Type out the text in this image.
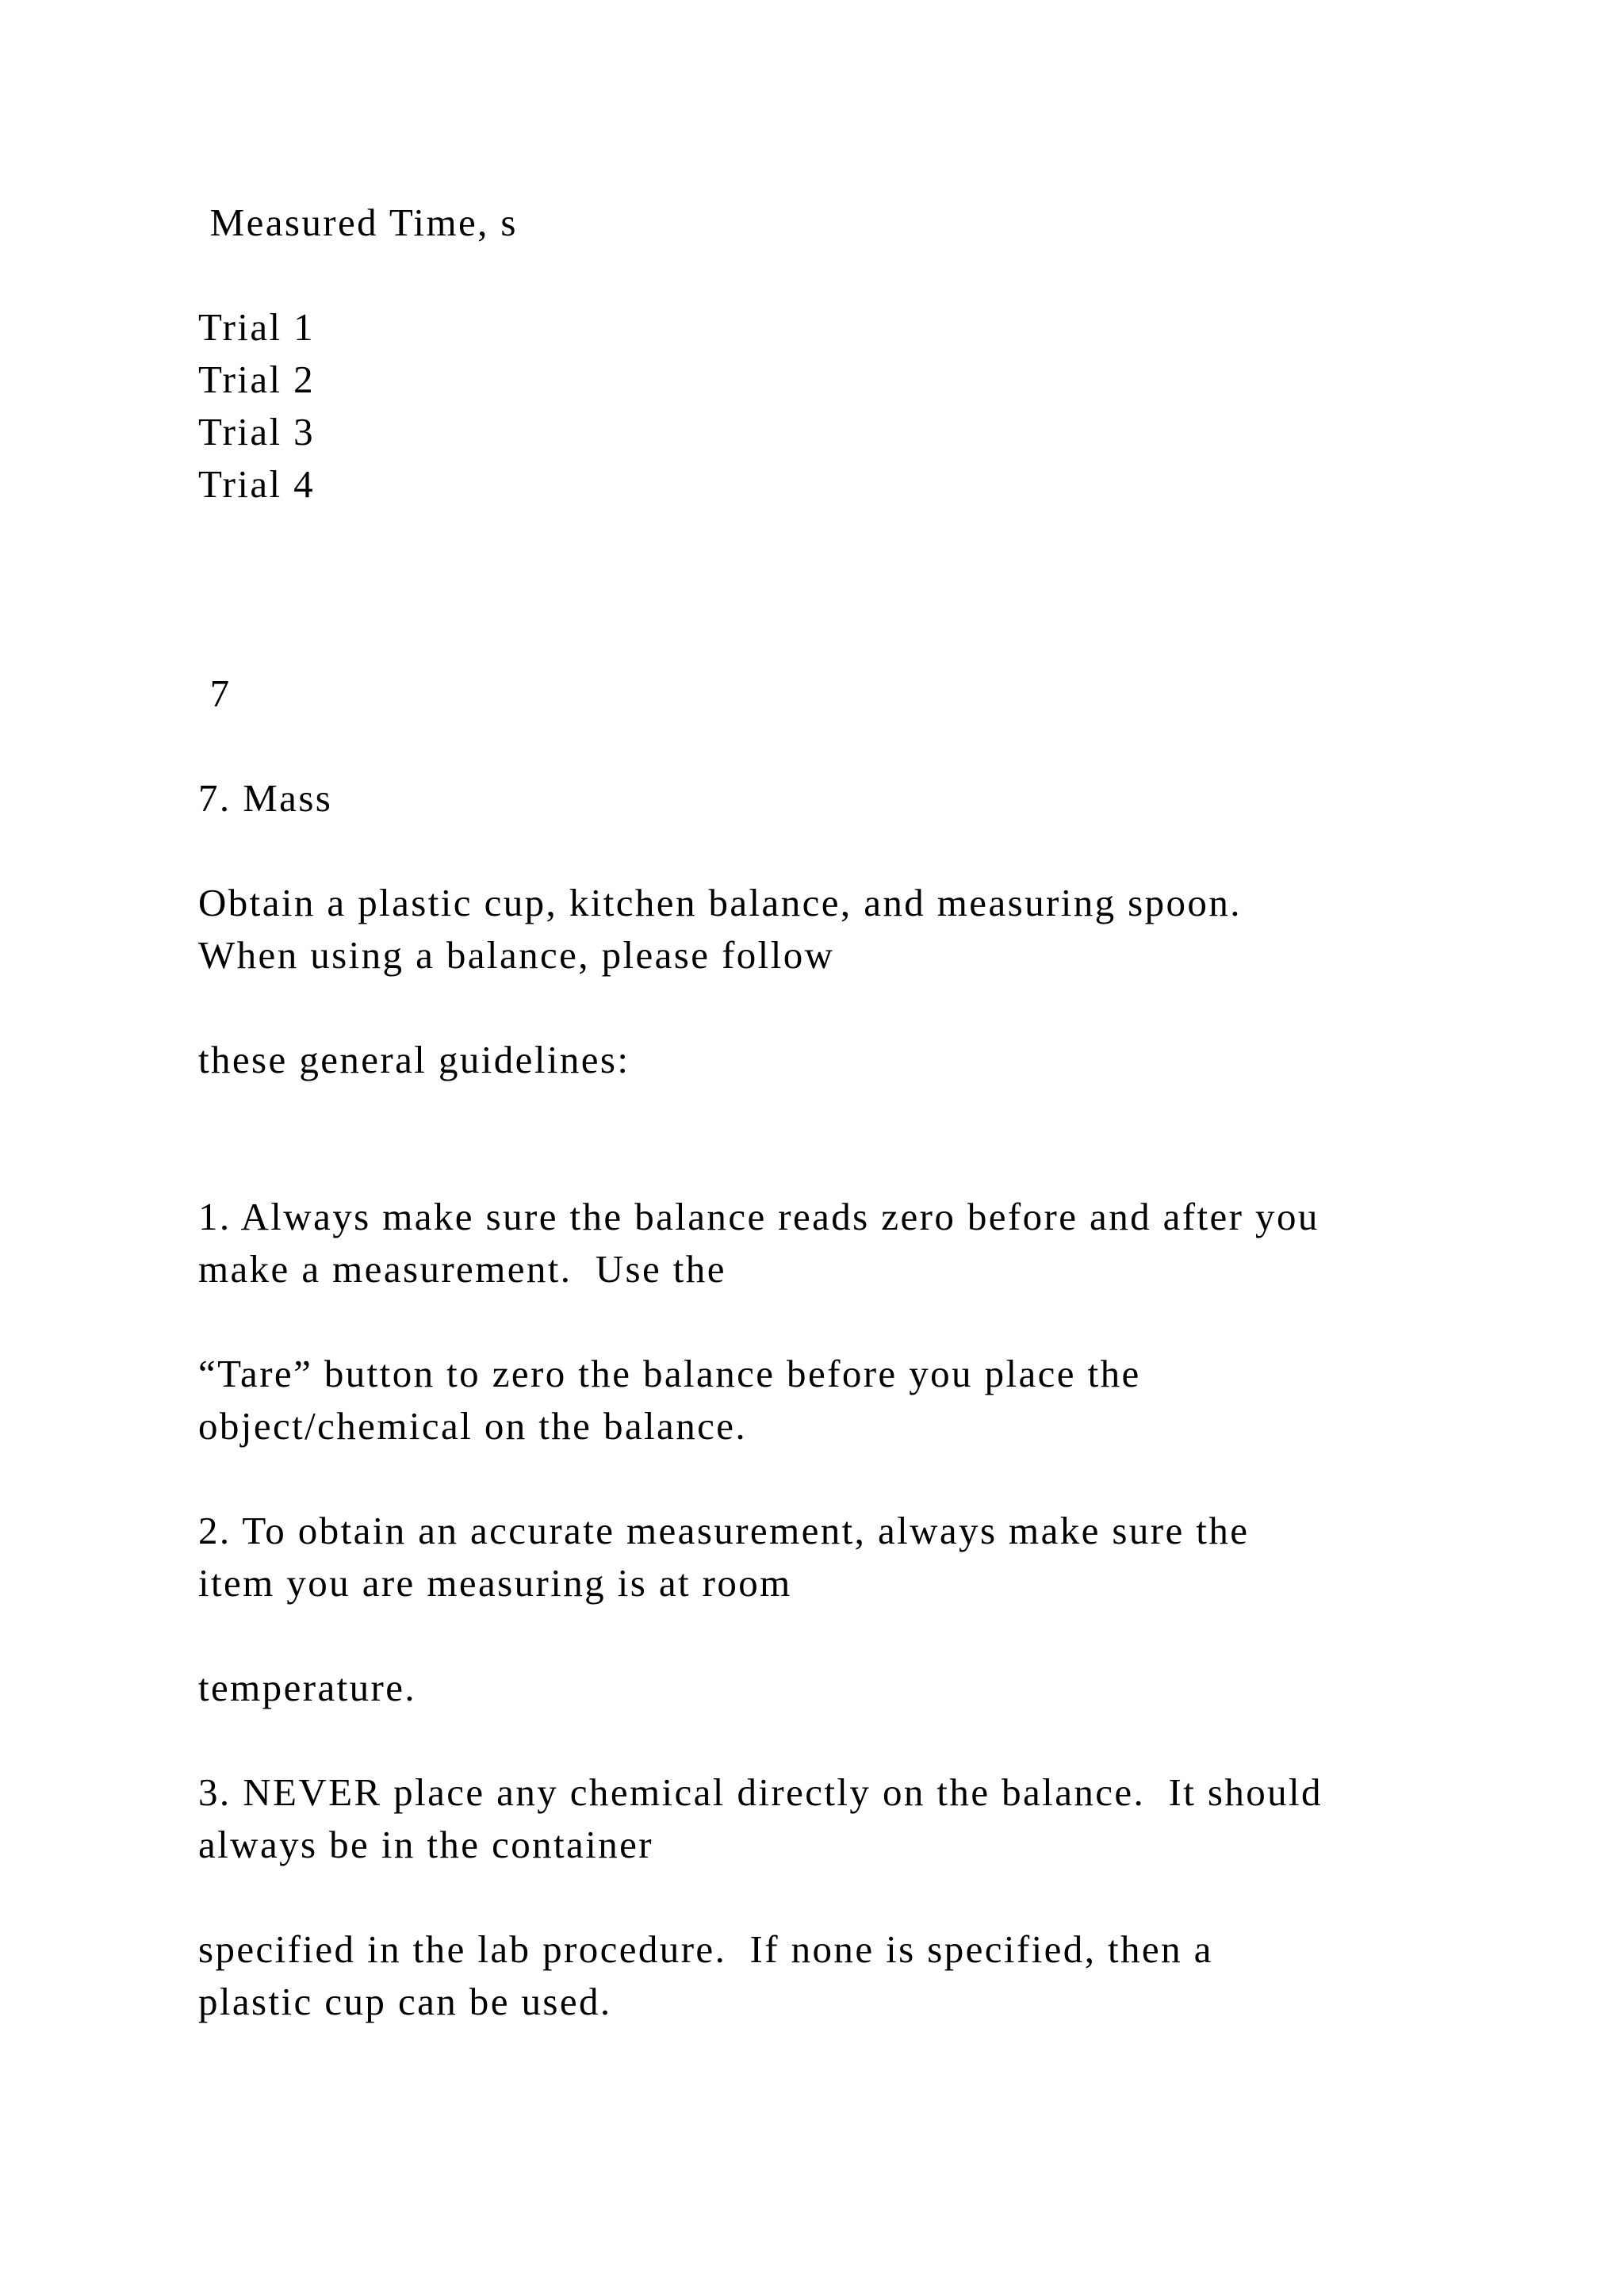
Measured Time, s
Trial 1
Trial 2
Trial 3
Trial 4
7
7. Mass
Obtain a plastic cup, kitchen balance, and measuring spoon.
When using a balance, please follow
these general guidelines:
1. Always make sure the balance reads zero before and after you
make a measurement.  Use the
“Tare” button to zero the balance before you place the
object/chemical on the balance.
2. To obtain an accurate measurement, always make sure the
item you are measuring is at room
temperature.
3. NEVER place any chemical directly on the balance.  It should
always be in the container
specified in the lab procedure.  If none is specified, then a
plastic cup can be used.
